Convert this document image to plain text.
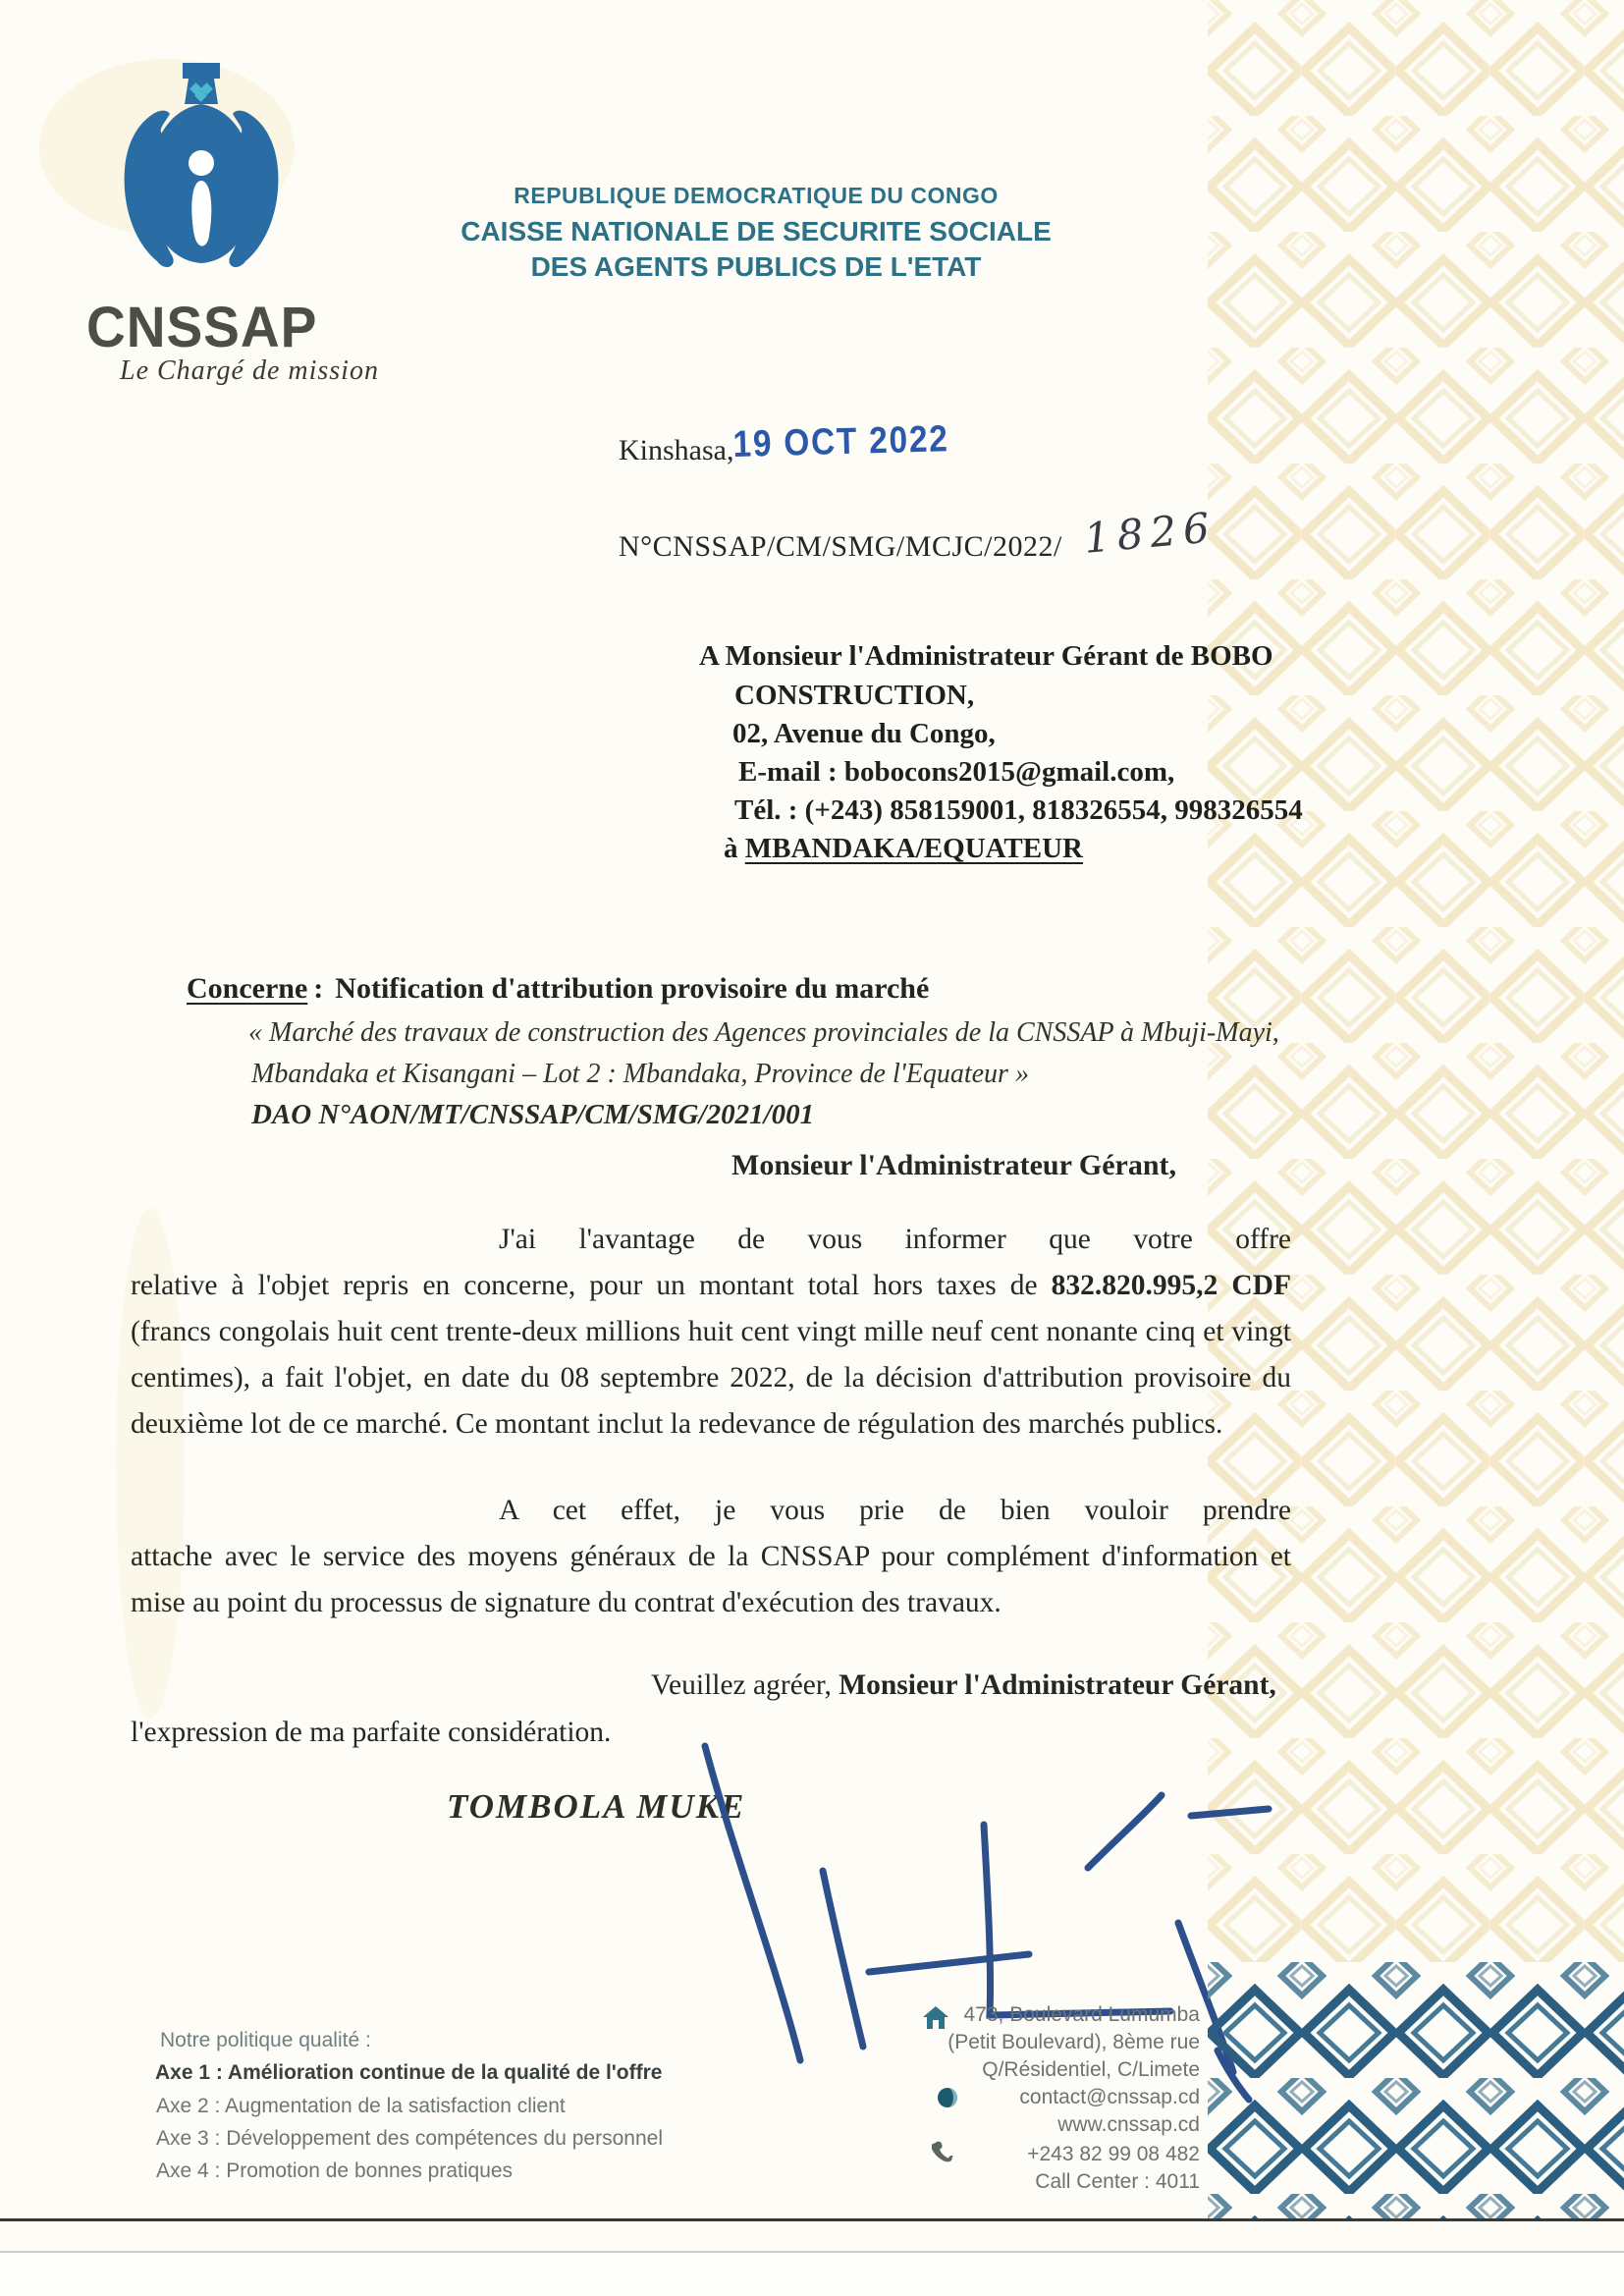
CNSSAP
REPUBLIQUE DEMOCRATIQUE DU CONGO
CAISSE NATIONALE DE SECURITE SOCIALE
DES AGENTS PUBLICS DE L'ETAT
Le Chargé de mission
Kinshasa,
19 OCT 2022
N°CNSSAP/CM/SMG/MCJC/2022/ 1826
A Monsieur l'Administrateur Gérant de BOBO
CONSTRUCTION,
02, Avenue du Congo,
E-mail : bobocons2015@gmail.com,
Tél. : (+243) 858159001, 818326554, 998326554
à MBANDAKA/EQUATEUR
Concerne : Notification d'attribution provisoire du marché
« Marché des travaux de construction des Agences provinciales de la CNSSAP à Mbuji-Mayi,
Mbandaka et Kisangani – Lot 2 : Mbandaka, Province de l'Equateur »
DAO N°AON/MT/CNSSAP/CM/SMG/2021/001
Monsieur l'Administrateur Gérant,
J'ai l'avantage de vous informer que votre offre
relative à l'objet repris en concerne, pour un montant total hors taxes de 832.820.995,2 CDF
(francs congolais huit cent trente-deux millions huit cent vingt mille neuf cent nonante cinq et vingt
centimes), a fait l'objet, en date du 08 septembre 2022, de la décision d'attribution provisoire du
deuxième lot de ce marché. Ce montant inclut la redevance de régulation des marchés publics.
A cet effet, je vous prie de bien vouloir prendre
attache avec le service des moyens généraux de la CNSSAP pour complément d'information et
mise au point du processus de signature du contrat d'exécution des travaux.
Veuillez agréer, Monsieur l'Administrateur Gérant,
l'expression de ma parfaite considération.
TOMBOLA MUKE
Notre politique qualité :
Axe 1 : Amélioration continue de la qualité de l'offre
Axe 2 : Augmentation de la satisfaction client
Axe 3 : Développement des compétences du personnel
Axe 4 : Promotion de bonnes pratiques
473, Boulevard Lumumba
(Petit Boulevard), 8ème rue
Q/Résidentiel, C/Limete
contact@cnssap.cd
www.cnssap.cd
+243 82 99 08 482
Call Center : 4011
